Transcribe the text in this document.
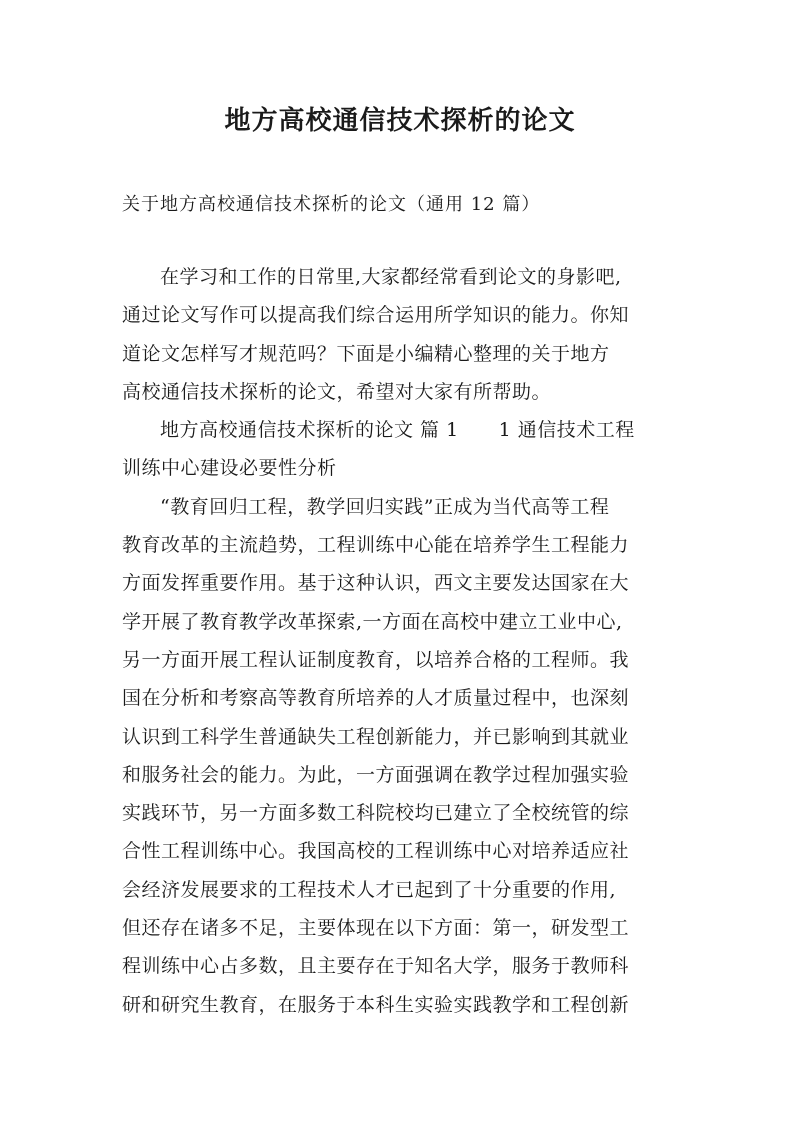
地方高校通信技术探析的论文
关于地方高校通信技术探析的论文（通用 12 篇）
在学习和工作的日常里,大家都经常看到论文的身影吧,
通过论文写作可以提高我们综合运用所学知识的能力。你知
道论文怎样写才规范吗？下面是小编精心整理的关于地方
高校通信技术探析的论文，希望对大家有所帮助。
地方高校通信技术探析的论文 篇 1 1 通信技术工程
训练中心建设必要性分析
“教育回归工程，教学回归实践”正成为当代高等工程
教育改革的主流趋势，工程训练中心能在培养学生工程能力
方面发挥重要作用。基于这种认识，西文主要发达国家在大
学开展了教育教学改革探索,一方面在高校中建立工业中心,
另一方面开展工程认证制度教育，以培养合格的工程师。我
国在分析和考察高等教育所培养的人才质量过程中，也深刻
认识到工科学生普通缺失工程创新能力，并已影响到其就业
和服务社会的能力。为此，一方面强调在教学过程加强实验
实践环节，另一方面多数工科院校均已建立了全校统管的综
合性工程训练中心。我国高校的工程训练中心对培养适应社
会经济发展要求的工程技术人才已起到了十分重要的作用,
但还存在诸多不足，主要体现在以下方面：第一，研发型工
程训练中心占多数，且主要存在于知名大学，服务于教师科
研和研究生教育，在服务于本科生实验实践教学和工程创新
